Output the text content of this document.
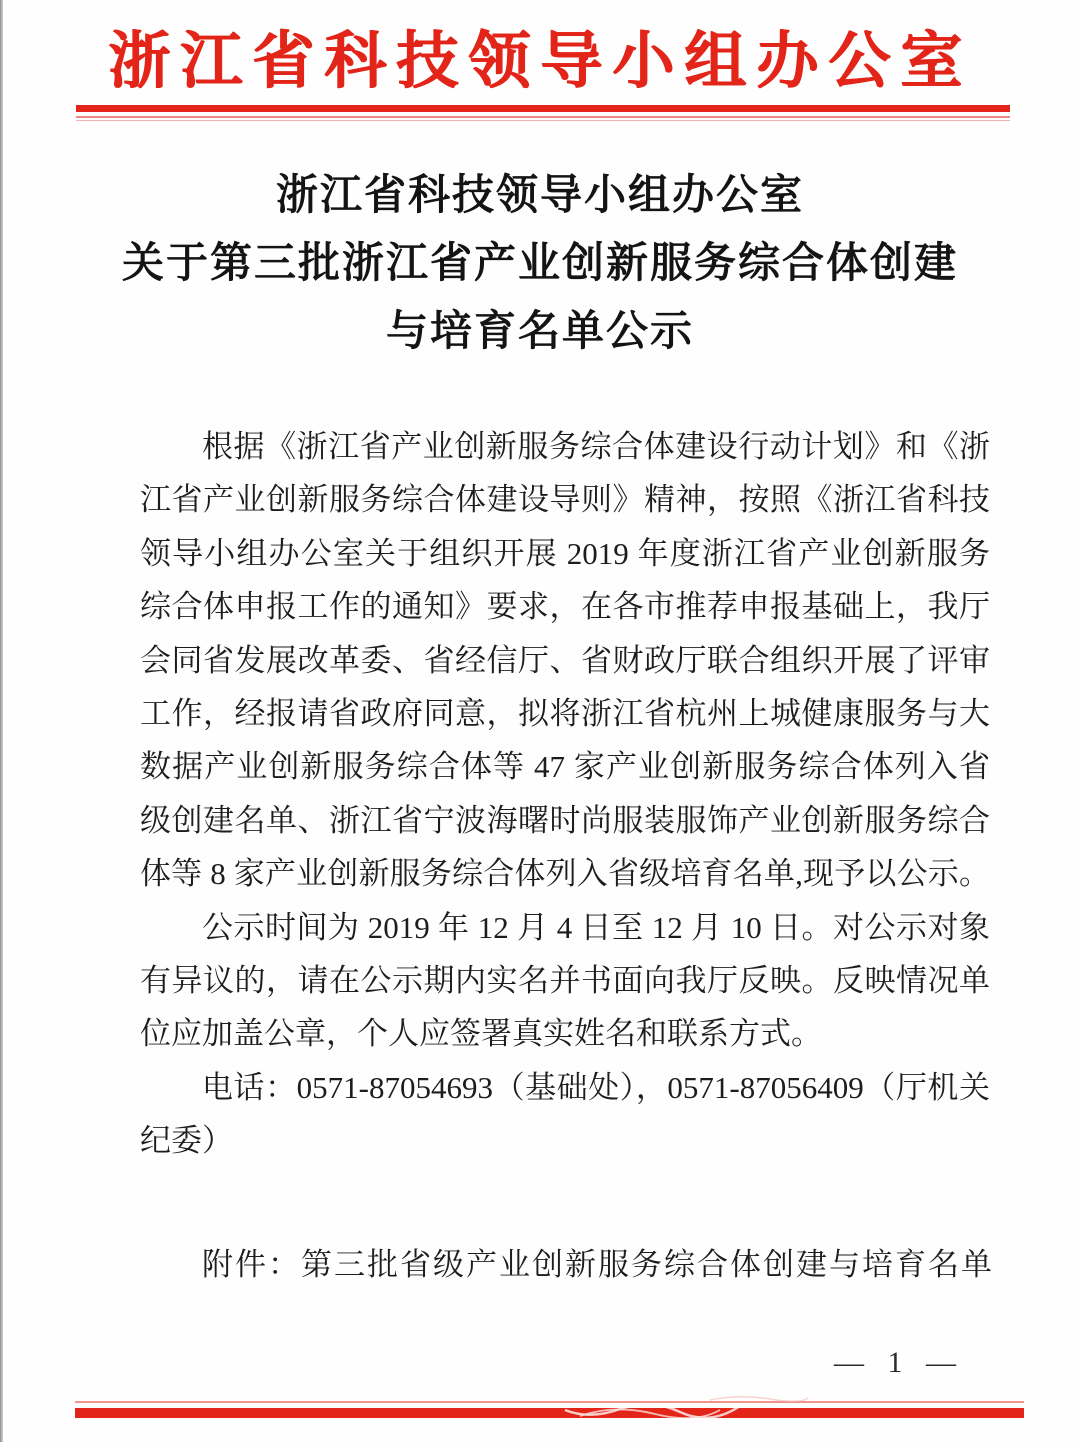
浙江省科技领导小组办公室
浙江省科技领导小组办公室
关于第三批浙江省产业创新服务综合体创建
与培育名单公示
根据《浙江省产业创新服务综合体建设行动计划》和《浙
江省产业创新服务综合体建设导则》精神，按照《浙江省科技
领导小组办公室关于组织开展 2019 年度浙江省产业创新服务
综合体申报工作的通知》要求，在各市推荐申报基础上，我厅
会同省发展改革委、省经信厅、省财政厅联合组织开展了评审
工作，经报请省政府同意，拟将浙江省杭州上城健康服务与大
数据产业创新服务综合体等 47 家产业创新服务综合体列入省
级创建名单、浙江省宁波海曙时尚服装服饰产业创新服务综合
体等 8 家产业创新服务综合体列入省级培育名单,现予以公示。
公示时间为 2019 年 12 月 4 日至 12 月 10 日。对公示对象
有异议的，请在公示期内实名并书面向我厅反映。反映情况单
位应加盖公章，个人应签署真实姓名和联系方式。
电话：0571-87054693（基础处），0571-87056409（厅机关
纪委）
附件：第三批省级产业创新服务综合体创建与培育名单
— 1 —
